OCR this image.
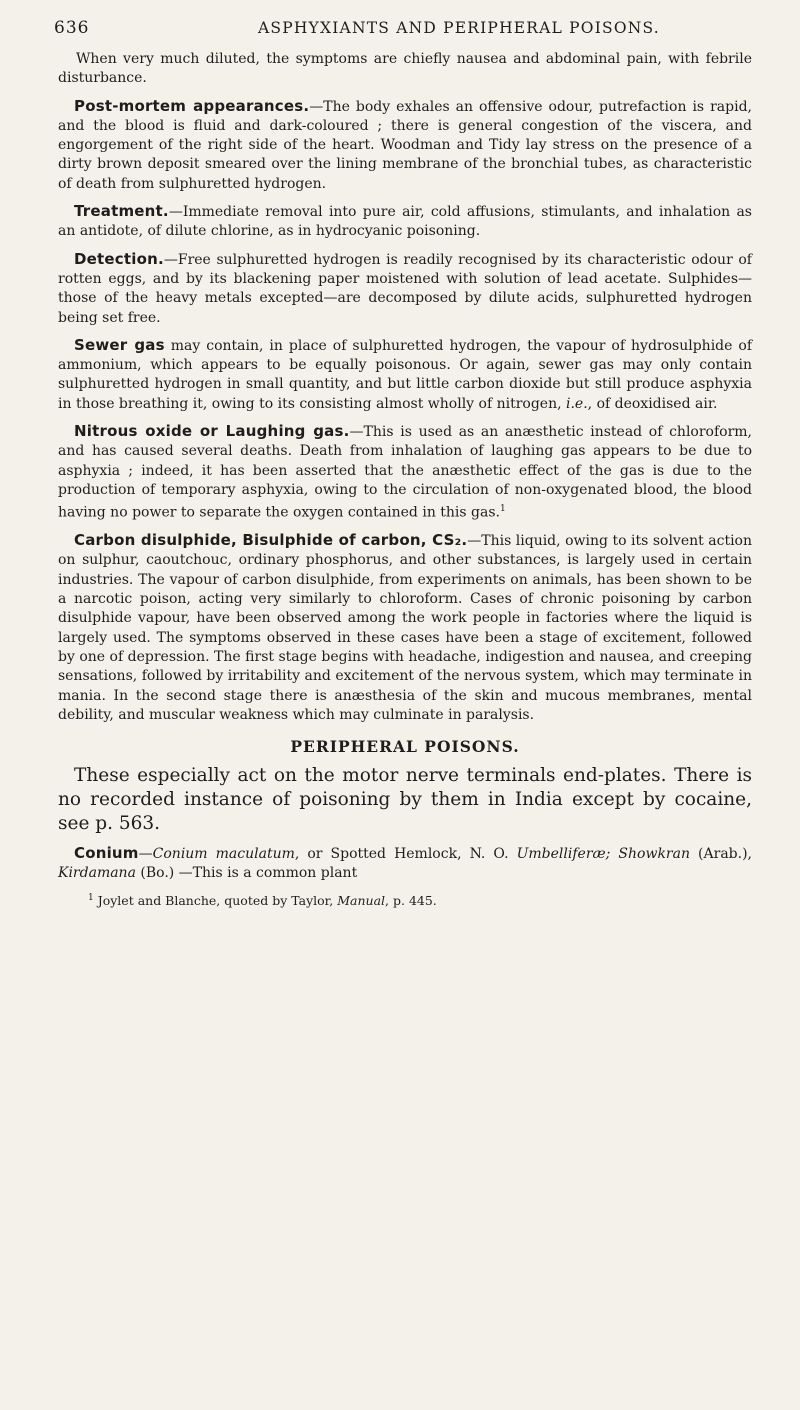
636	ASPHYXIANTS AND PERIPHERAL POISONS.

When very much diluted, the symptoms are chiefly nausea and abdominal pain, with febrile disturbance.

Post-mortem appearances.—The body exhales an offensive odour, putrefaction is rapid, and the blood is fluid and dark-coloured ; there is general congestion of the viscera, and engorgement of the right side of the heart. Woodman and Tidy lay stress on the presence of a dirty brown deposit smeared over the lining membrane of the bronchial tubes, as characteristic of death from sulphuretted hydrogen.

Treatment.—Immediate removal into pure air, cold affusions, stimulants, and inhalation as an antidote, of dilute chlorine, as in hydrocyanic poisoning.

Detection.—Free sulphuretted hydrogen is readily recognised by its characteristic odour of rotten eggs, and by its blackening paper moistened with solution of lead acetate. Sulphides—those of the heavy metals excepted—are decomposed by dilute acids, sulphuretted hydrogen being set free.

Sewer gas may contain, in place of sulphuretted hydrogen, the vapour of hydrosulphide of ammonium, which appears to be equally poisonous. Or again, sewer gas may only contain sulphuretted hydrogen in small quantity, and but little carbon dioxide but still produce asphyxia in those breathing it, owing to its consisting almost wholly of nitrogen, i.e., of deoxidised air.

Nitrous oxide or Laughing gas.—This is used as an anæsthetic instead of chloroform, and has caused several deaths. Death from inhalation of laughing gas appears to be due to asphyxia ; indeed, it has been asserted that the anæsthetic effect of the gas is due to the production of temporary asphyxia, owing to the circulation of non-oxygenated blood, the blood having no power to separate the oxygen contained in this gas.$^1$

Carbon disulphide, Bisulphide of carbon, CS₂.—This liquid, owing to its solvent action on sulphur, caoutchouc, ordinary phosphorus, and other substances, is largely used in certain industries. The vapour of carbon disulphide, from experiments on animals, has been shown to be a narcotic poison, acting very similarly to chloroform. Cases of chronic poisoning by carbon disulphide vapour, have been observed among the work people in factories where the liquid is largely used. The symptoms observed in these cases have been a stage of excitement, followed by one of depression. The first stage begins with headache, indigestion and nausea, and creeping sensations, followed by irritability and excitement of the nervous system, which may terminate in mania. In the second stage there is anæsthesia of the skin and mucous membranes, mental debility, and muscular weakness which may culminate in paralysis.

PERIPHERAL POISONS.

These especially act on the motor nerve terminals end-plates. There is no recorded instance of poisoning by them in India except by cocaine, see p. 563.

Conium—Conium maculatum, or Spotted Hemlock, N. O. Umbelliferæ; Showkran (Arab.), Kirdamana (Bo.) —This is a common plant

$^1$ Joylet and Blanche, quoted by Taylor, Manual, p. 445.
